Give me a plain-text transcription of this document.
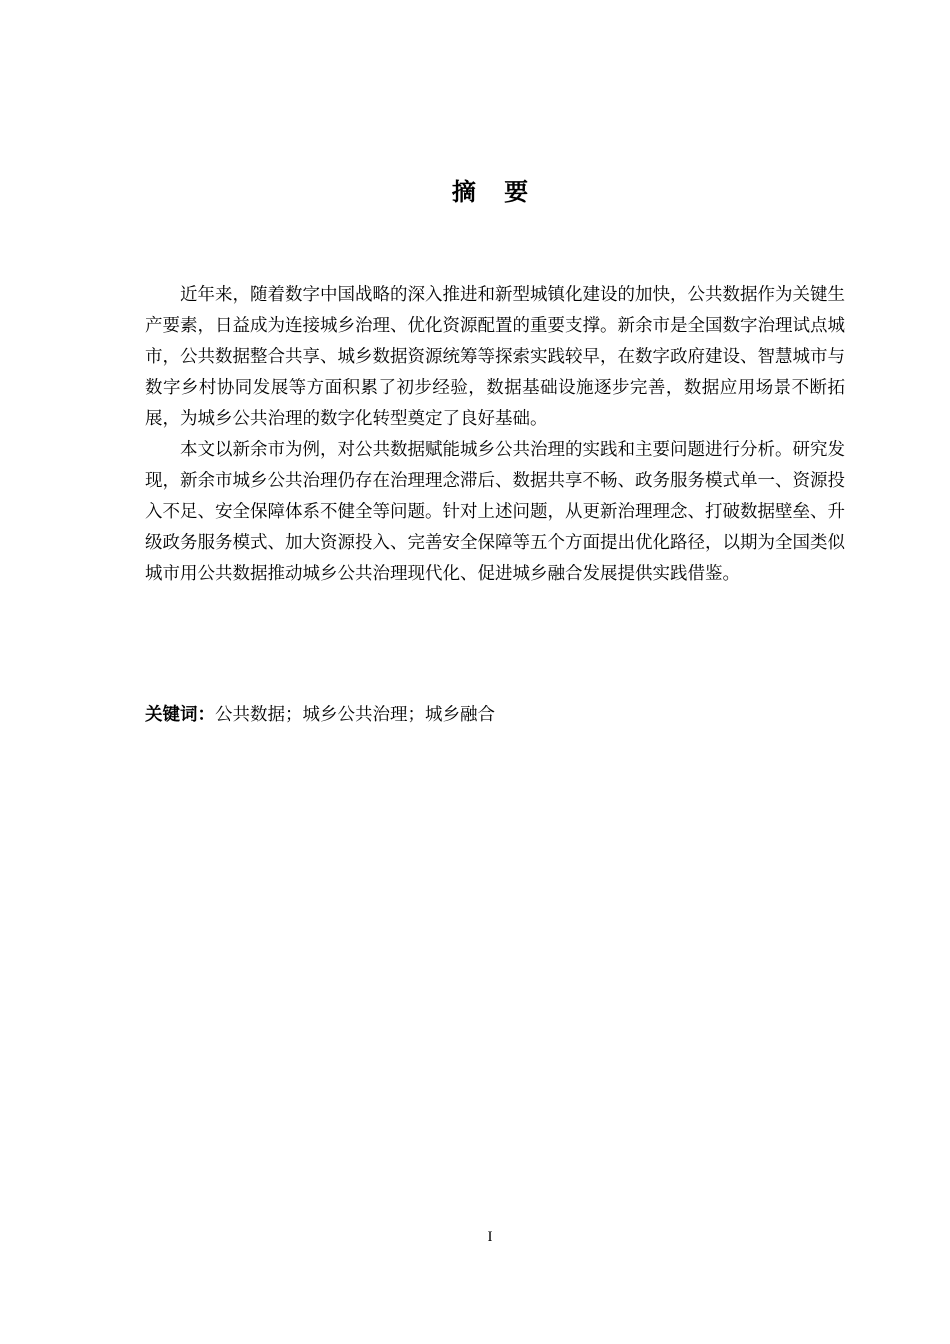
摘 要

近年来，随着数字中国战略的深入推进和新型城镇化建设的加快，公共数据作为关键生产要素，日益成为连接城乡治理、优化资源配置的重要支撑。新余市是全国数字治理试点城市，公共数据整合共享、城乡数据资源统筹等探索实践较早，在数字政府建设、智慧城市与数字乡村协同发展等方面积累了初步经验，数据基础设施逐步完善，数据应用场景不断拓展，为城乡公共治理的数字化转型奠定了良好基础。

本文以新余市为例，对公共数据赋能城乡公共治理的实践和主要问题进行分析。研究发现，新余市城乡公共治理仍存在治理理念滞后、数据共享不畅、政务服务模式单一、资源投入不足、安全保障体系不健全等问题。针对上述问题，从更新治理理念、打破数据壁垒、升级政务服务模式、加大资源投入、完善安全保障等五个方面提出优化路径，以期为全国类似城市用公共数据推动城乡公共治理现代化、促进城乡融合发展提供实践借鉴。

关键词：公共数据；城乡公共治理；城乡融合
I
